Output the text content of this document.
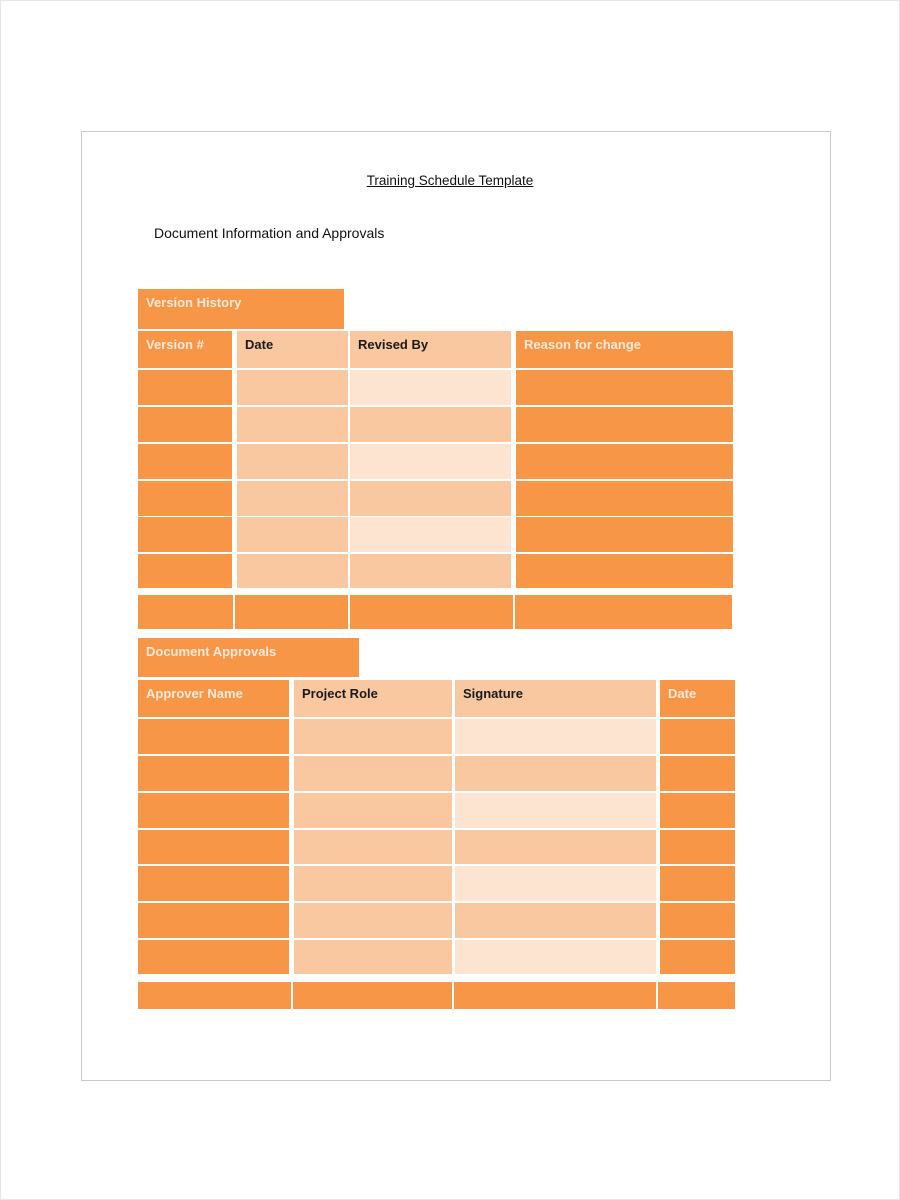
Training Schedule Template
Document Information and Approvals
Version History
Version #	Date	Revised By	Reason for change
Document Approvals
Approver Name	Project Role	Signature	Date
